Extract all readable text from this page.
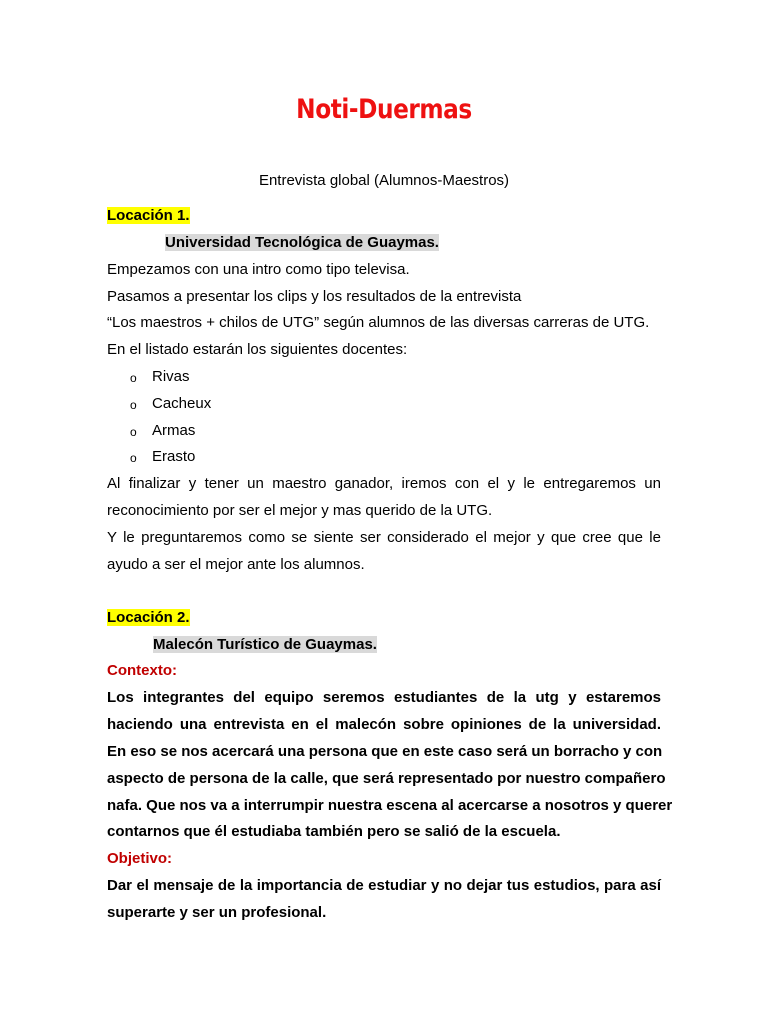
Noti-Duermas
Entrevista global (Alumnos-Maestros)
Locación 1.
Universidad Tecnológica de Guaymas.
Empezamos con una intro como tipo televisa.
Pasamos a presentar los clips y los resultados de la entrevista
“Los maestros + chilos de UTG” según alumnos de las diversas carreras de UTG.
En el listado estarán los siguientes docentes:
o Rivas
o Cacheux
o Armas
o Erasto
Al finalizar y tener un maestro ganador, iremos con el y le entregaremos un
reconocimiento por ser el mejor y mas querido de la UTG.
Y le preguntaremos como se siente ser considerado el mejor y que cree que le
ayudo a ser el mejor ante los alumnos.
Locación 2.
Malecón Turístico de Guaymas.
Contexto:
Los integrantes del equipo seremos estudiantes de la utg y estaremos
haciendo una entrevista en el malecón sobre opiniones de la universidad.
En eso se nos acercará una persona que en este caso será un borracho y con
aspecto de persona de la calle, que será representado por nuestro compañero
nafa. Que nos va a interrumpir nuestra escena al acercarse a nosotros y querer
contarnos que él estudiaba también pero se salió de la escuela.
Objetivo:
Dar el mensaje de la importancia de estudiar y no dejar tus estudios, para así
superarte y ser un profesional.
